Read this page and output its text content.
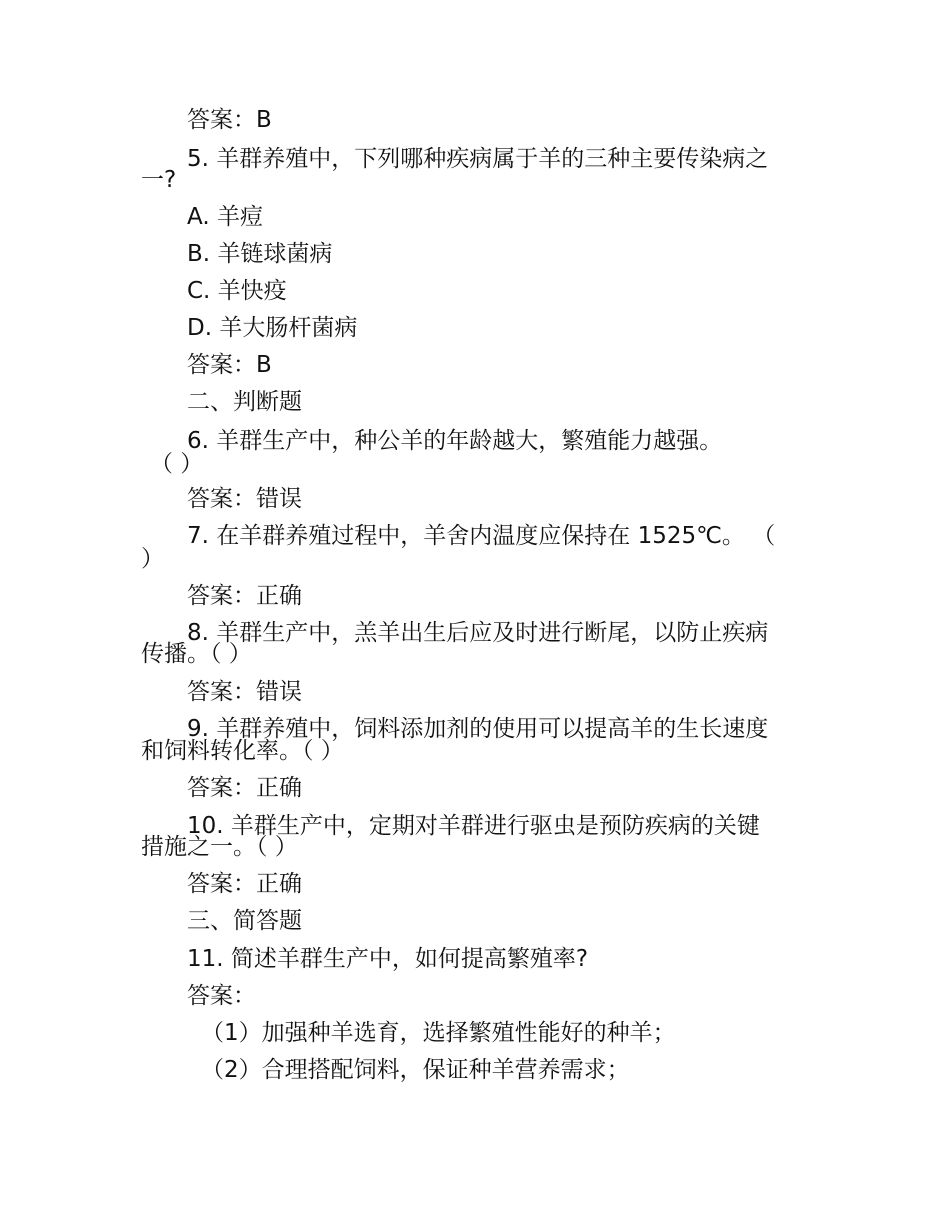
答案：B

5. 羊群养殖中，下列哪种疾病属于羊的三种主要传染病之

一?

A. 羊痘

B. 羊链球菌病

C. 羊快疫

D. 羊大肠杆菌病

答案：B

二、判断题

6. 羊群生产中，种公羊的年龄越大，繁殖能力越强。

（ ）

答案：错误

7. 在羊群养殖过程中，羊舍内温度应保持在 1525℃。 （

）

答案：正确

8. 羊群生产中，羔羊出生后应及时进行断尾，以防止疾病

传播。（ ）

答案：错误

9. 羊群养殖中，饲料添加剂的使用可以提高羊的生长速度

和饲料转化率。（ ）

答案：正确

10. 羊群生产中，定期对羊群进行驱虫是预防疾病的关键

措施之一。（ ）

答案：正确

三、简答题

11. 简述羊群生产中，如何提高繁殖率?

答案：

（1）加强种羊选育，选择繁殖性能好的种羊；

（2）合理搭配饲料，保证种羊营养需求；
